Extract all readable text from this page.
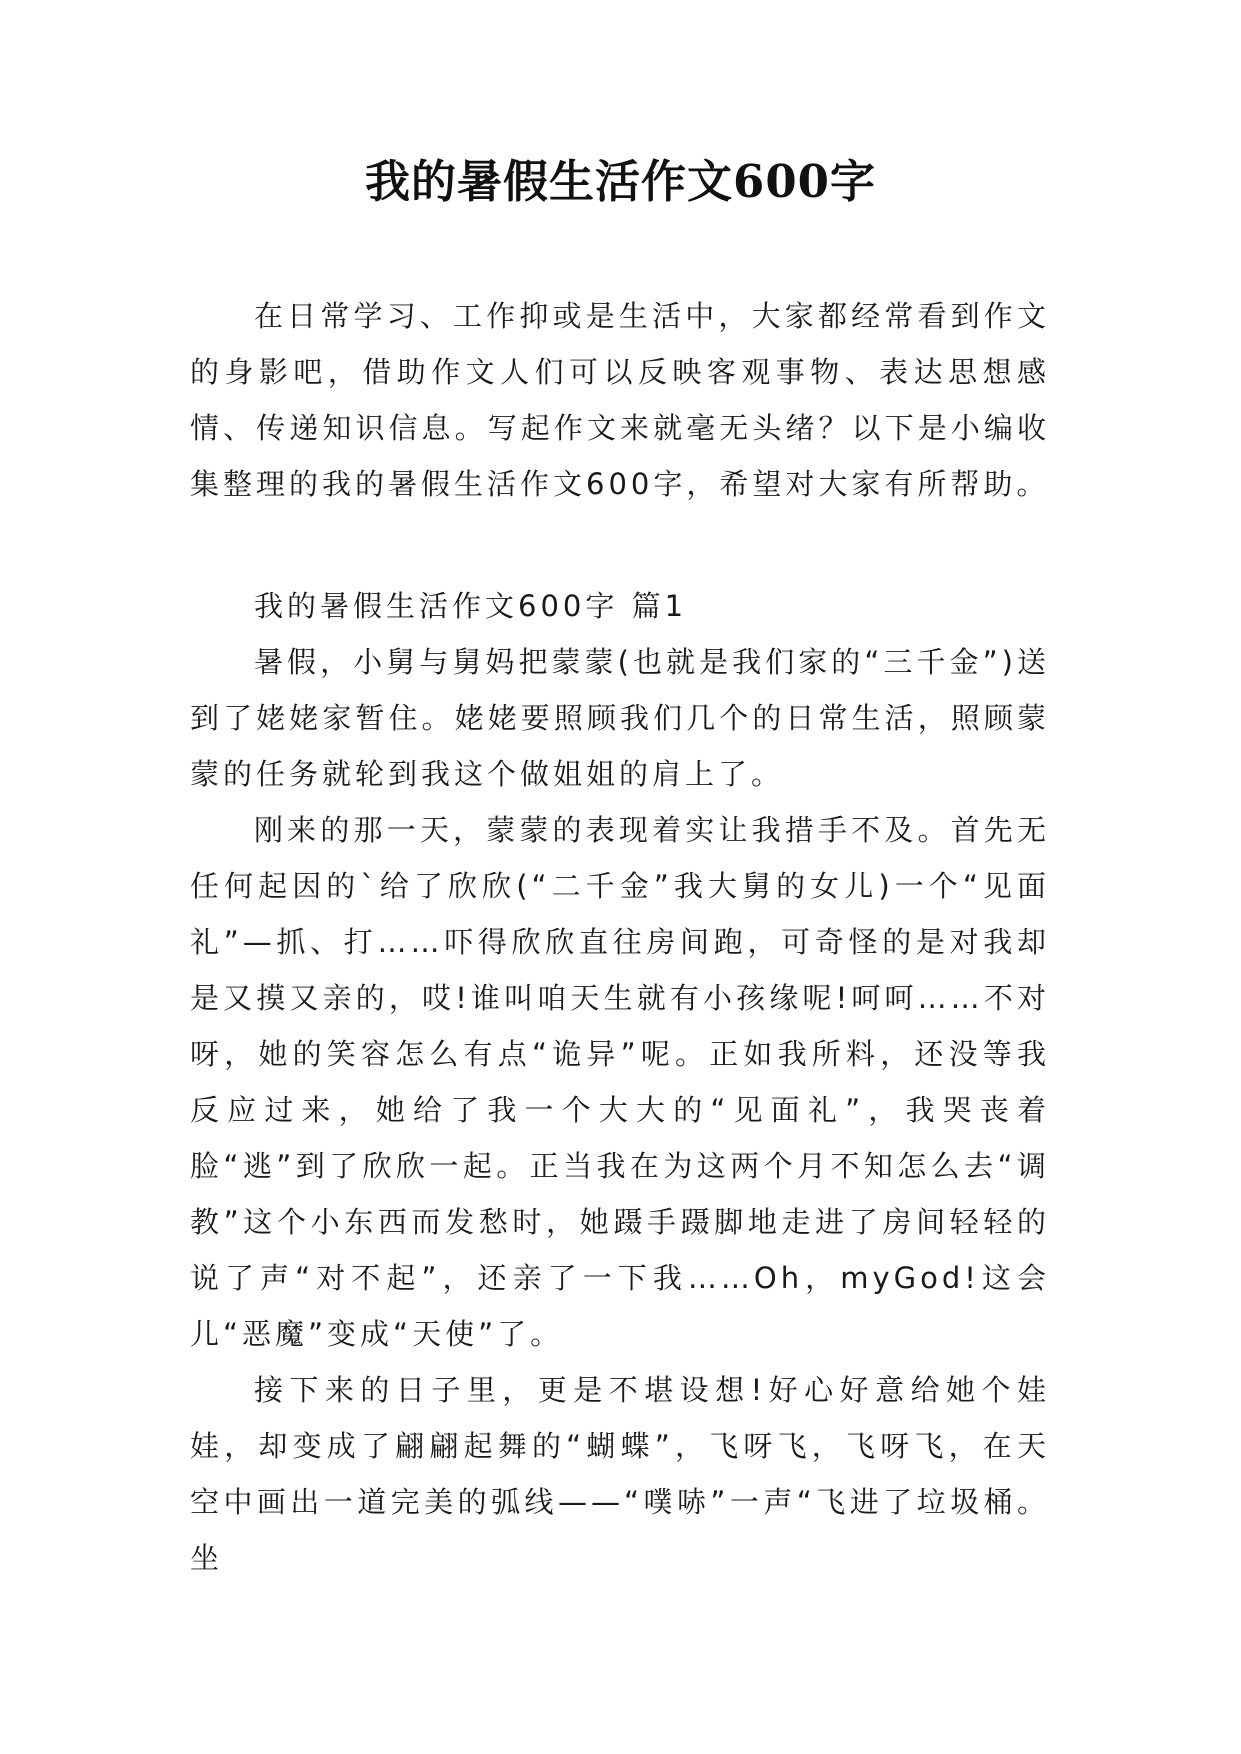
我的暑假生活作文600字

在日常学习、工作抑或是生活中，大家都经常看到作文的身影吧，借助作文人们可以反映客观事物、表达思想感情、传递知识信息。写起作文来就毫无头绪？以下是小编收集整理的我的暑假生活作文600字，希望对大家有所帮助。

我的暑假生活作文600字 篇1

暑假，小舅与舅妈把蒙蒙(也就是我们家的“三千金”)送到了姥姥家暂住。姥姥要照顾我们几个的日常生活，照顾蒙蒙的任务就轮到我这个做姐姐的肩上了。

刚来的那一天，蒙蒙的表现着实让我措手不及。首先无任何起因的`给了欣欣(“二千金”我大舅的女儿)一个“见面礼”—抓、打……吓得欣欣直往房间跑，可奇怪的是对我却是又摸又亲的，哎!谁叫咱天生就有小孩缘呢!呵呵……不对呀，她的笑容怎么有点“诡异”呢。正如我所料，还没等我反应过来，她给了我一个大大的“见面礼”，我哭丧着脸“逃”到了欣欣一起。正当我在为这两个月不知怎么去“调教”这个小东西而发愁时，她蹑手蹑脚地走进了房间轻轻的说了声“对不起”，还亲了一下我……Oh，myGod!这会儿“恶魔”变成“天使”了。

接下来的日子里，更是不堪设想!好心好意给她个娃娃，却变成了翩翩起舞的“蝴蝶”，飞呀飞，飞呀飞，在天空中画出一道完美的弧线——“噗哧”一声“飞进了垃圾桶。坐
